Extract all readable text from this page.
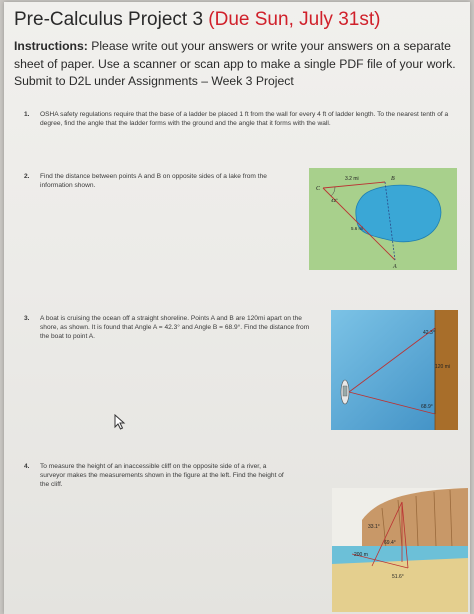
Pre-Calculus Project 3 (Due Sun, July 31st)
Instructions: Please write out your answers or write your answers on a separate sheet of paper. Use a scanner or scan app to make a single PDF file of your work. Submit to D2L under Assignments – Week 3 Project
1. OSHA safety regulations require that the base of a ladder be placed 1 ft from the wall for every 4 ft of ladder length. To the nearest tenth of a degree, find the angle that the ladder forms with the ground and the angle that it forms with the wall.
2. Find the distance between points A and B on opposite sides of a lake from the information shown.	C
B
A
3.2 mi
42°
5.6 mi
3. A boat is cruising the ocean off a straight shoreline. Points A and B are 120mi apart on the shore, as shown. It is found that Angle A = 42.3° and Angle B = 68.9°. Find the distance from the boat to point A.
42.3°
68.9°
120 mi
4. To measure the height of an inaccessible cliff on the opposite side of a river, a surveyor makes the measurements shown in the figure at the left. Find the height of the cliff.
33.1°
69.4°
200 m
51.6°
